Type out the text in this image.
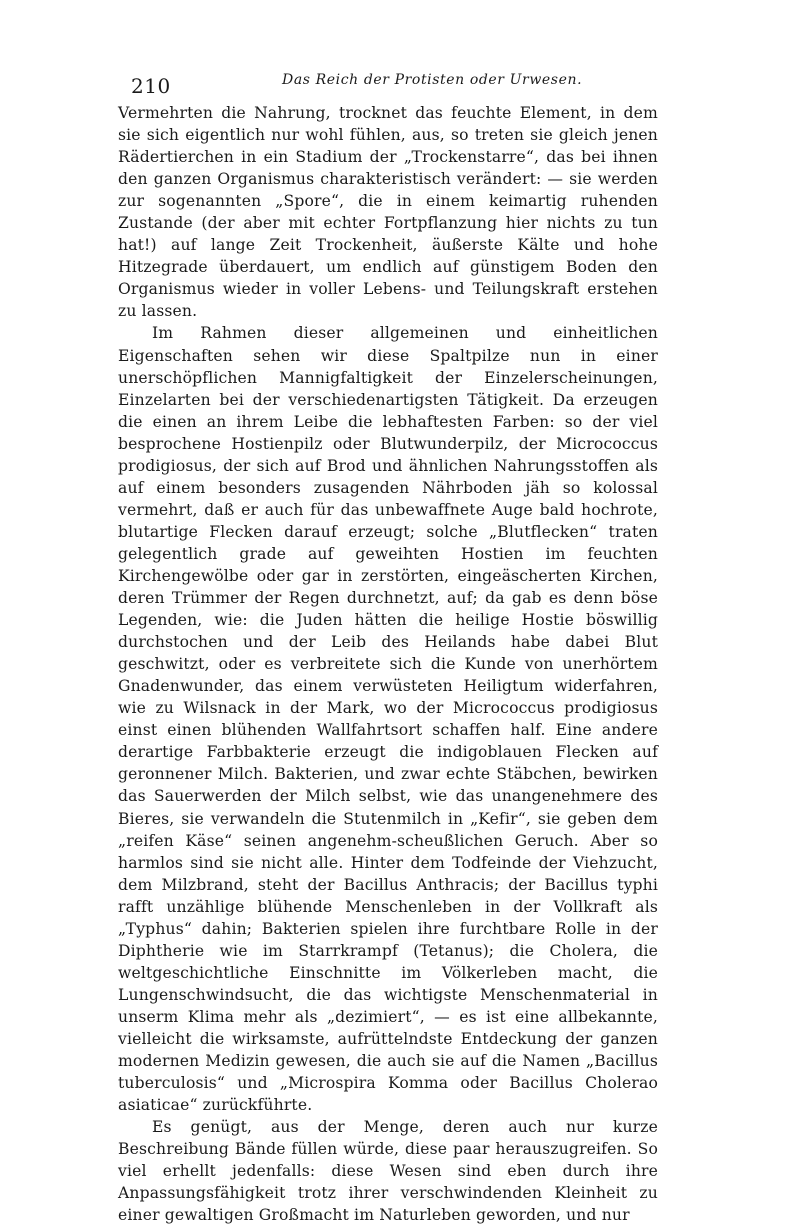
210	Das Reich der Protisten oder Urwesen.

Vermehrten die Nahrung, trocknet das feuchte Element, in dem sie sich eigentlich nur wohl fühlen, aus, so treten sie gleich jenen Rädertierchen in ein Stadium der „Trockenstarre“, das bei ihnen den ganzen Organismus charakteristisch verändert: — sie werden zur sogenannten „Spore“, die in einem keimartig ruhenden Zustande (der aber mit echter Fortpflanzung hier nichts zu tun hat!) auf lange Zeit Trockenheit, äußerste Kälte und hohe Hitzegrade überdauert, um endlich auf günstigem Boden den Organismus wieder in voller Lebens- und Teilungskraft erstehen zu lassen.

Im Rahmen dieser allgemeinen und einheitlichen Eigenschaften sehen wir diese Spaltpilze nun in einer unerschöpflichen Mannigfaltigkeit der Einzelerscheinungen, Einzelarten bei der verschiedenartigsten Tätigkeit. Da erzeugen die einen an ihrem Leibe die lebhaftesten Farben: so der viel besprochene Hostienpilz oder Blutwunderpilz, der Micrococcus prodigiosus, der sich auf Brod und ähnlichen Nahrungsstoffen als auf einem besonders zusagenden Nährboden jäh so kolossal vermehrt, daß er auch für das unbewaffnete Auge bald hochrote, blutartige Flecken darauf erzeugt; solche „Blutflecken“ traten gelegentlich grade auf geweihten Hostien im feuchten Kirchengewölbe oder gar in zerstörten, eingeäscherten Kirchen, deren Trümmer der Regen durchnetzt, auf; da gab es denn böse Legenden, wie: die Juden hätten die heilige Hostie böswillig durchstochen und der Leib des Heilands habe dabei Blut geschwitzt, oder es verbreitete sich die Kunde von unerhörtem Gnadenwunder, das einem verwüsteten Heiligtum widerfahren, wie zu Wilsnack in der Mark, wo der Micrococcus prodigiosus einst einen blühenden Wallfahrtsort schaffen half. Eine andere derartige Farbbakterie erzeugt die indigoblauen Flecken auf geronnener Milch. Bakterien, und zwar echte Stäbchen, bewirken das Sauerwerden der Milch selbst, wie das unangenehmere des Bieres, sie verwandeln die Stutenmilch in „Kefir“, sie geben dem „reifen Käse“ seinen angenehm-scheußlichen Geruch. Aber so harmlos sind sie nicht alle. Hinter dem Todfeinde der Viehzucht, dem Milzbrand, steht der Bacillus Anthracis; der Bacillus typhi rafft unzählige blühende Menschenleben in der Vollkraft als „Typhus“ dahin; Bakterien spielen ihre furchtbare Rolle in der Diphtherie wie im Starrkrampf (Tetanus); die Cholera, die weltgeschichtliche Einschnitte im Völkerleben macht, die Lungenschwindsucht, die das wichtigste Menschenmaterial in unserm Klima mehr als „dezimiert“, — es ist eine allbekannte, vielleicht die wirksamste, aufrüttelndste Entdeckung der ganzen modernen Medizin gewesen, die auch sie auf die Namen „Bacillus tuberculosis“ und „Microspira Komma oder Bacillus Cholerao asiaticae“ zurückführte.

Es genügt, aus der Menge, deren auch nur kurze Beschreibung Bände füllen würde, diese paar herauszugreifen. So viel erhellt jedenfalls: diese Wesen sind eben durch ihre Anpassungsfähigkeit trotz ihrer verschwindenden Kleinheit zu einer gewaltigen Großmacht im Naturleben geworden, und nur
